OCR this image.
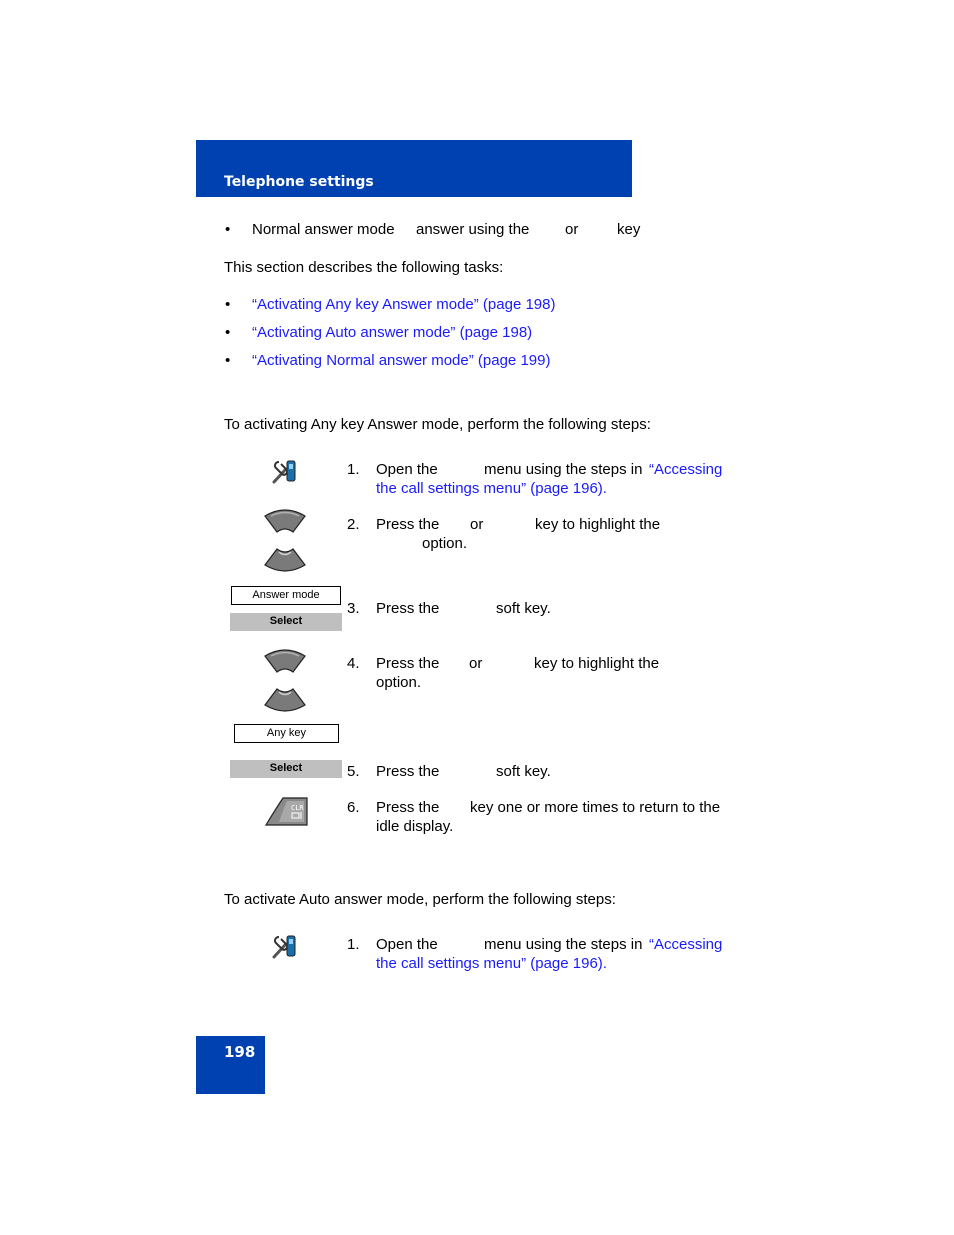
Telephone settings
• Normal answer mode answer using the or	key
This section describes the following tasks:
• “Activating Any key Answer mode” (page 198)
• “Activating Auto answer mode” (page 198)
• “Activating Normal answer mode” (page 199)
To activating Any key Answer mode, perform the following steps:
1. Open the	menu using the steps in “Accessing
the call settings menu” (page 196).
2. Press the or	key to highlight the
option.
Answer mode
Select
3. Press the	soft key.
4. Press the or	key to highlight the
option.
Any key
Select	5. Press the	soft key.
CLR	6. Press the key one or more times to return to the
idle display.
To activate Auto answer mode, perform the following steps:
1. Open the	menu using the steps in “Accessing
the call settings menu” (page 196).
198
